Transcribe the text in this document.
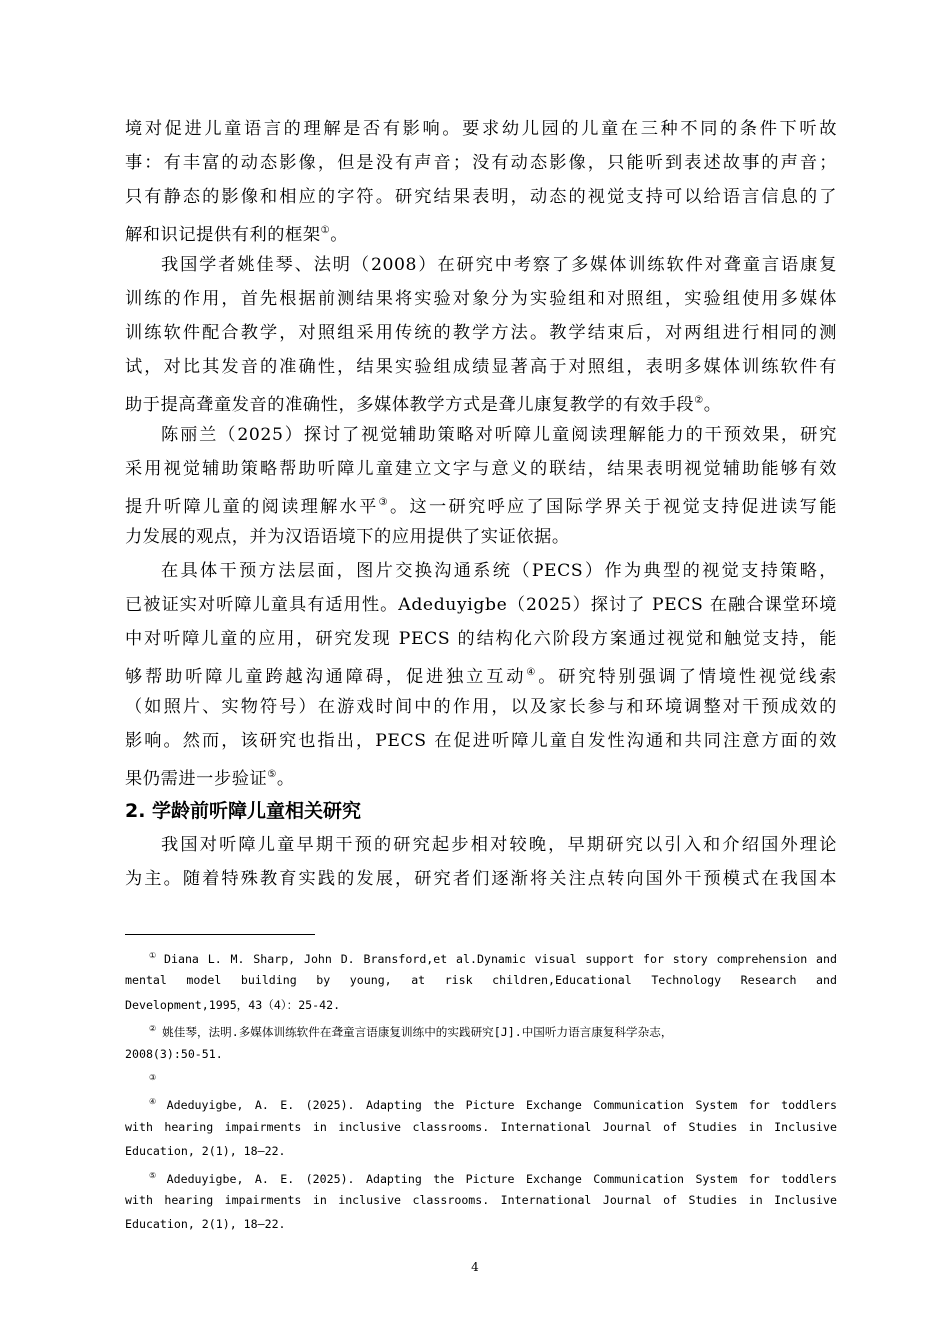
境对促进儿童语言的理解是否有影响。要求幼儿园的儿童在三种不同的条件下听故
事：有丰富的动态影像，但是没有声音；没有动态影像，只能听到表述故事的声音；
只有静态的影像和相应的字符。研究结果表明，动态的视觉支持可以给语言信息的了
解和识记提供有利的框架①。
我国学者姚佳琴、法明（2008）在研究中考察了多媒体训练软件对聋童言语康复
训练的作用，首先根据前测结果将实验对象分为实验组和对照组，实验组使用多媒体
训练软件配合教学，对照组采用传统的教学方法。教学结束后，对两组进行相同的测
试，对比其发音的准确性，结果实验组成绩显著高于对照组，表明多媒体训练软件有
助于提高聋童发音的准确性，多媒体教学方式是聋儿康复教学的有效手段②。
陈丽兰（2025）探讨了视觉辅助策略对听障儿童阅读理解能力的干预效果，研究
采用视觉辅助策略帮助听障儿童建立文字与意义的联结，结果表明视觉辅助能够有效
提升听障儿童的阅读理解水平③。这一研究呼应了国际学界关于视觉支持促进读写能
力发展的观点，并为汉语语境下的应用提供了实证依据。
在具体干预方法层面，图片交换沟通系统（PECS）作为典型的视觉支持策略，
已被证实对听障儿童具有适用性。Adeduyigbe（2025）探讨了 PECS 在融合课堂环境
中对听障儿童的应用，研究发现 PECS 的结构化六阶段方案通过视觉和触觉支持，能
够帮助听障儿童跨越沟通障碍，促进独立互动④。研究特别强调了情境性视觉线索
（如照片、实物符号）在游戏时间中的作用，以及家长参与和环境调整对干预成效的
影响。然而，该研究也指出，PECS 在促进听障儿童自发性沟通和共同注意方面的效
果仍需进一步验证⑤。
2. 学龄前听障儿童相关研究
我国对听障儿童早期干预的研究起步相对较晚，早期研究以引入和介绍国外理论
为主。随着特殊教育实践的发展，研究者们逐渐将关注点转向国外干预模式在我国本
① Diana L. M. Sharp, John D. Bransford,et al.Dynamic visual support for story comprehension and
mental model building by young, at risk children,Educational Technology Research and
Development,1995，43（4）：25-42.
② 姚佳琴，法明.多媒体训练软件在聋童言语康复训练中的实践研究[J].中国听力语言康复科学杂志，
2008(3):50-51.
③
④ Adeduyigbe, A. E. (2025). Adapting the Picture Exchange Communication System for toddlers
with hearing impairments in inclusive classrooms. International Journal of Studies in Inclusive
Education, 2(1), 18–22.
⑤ Adeduyigbe, A. E. (2025). Adapting the Picture Exchange Communication System for toddlers
with hearing impairments in inclusive classrooms. International Journal of Studies in Inclusive
Education, 2(1), 18–22.
4
